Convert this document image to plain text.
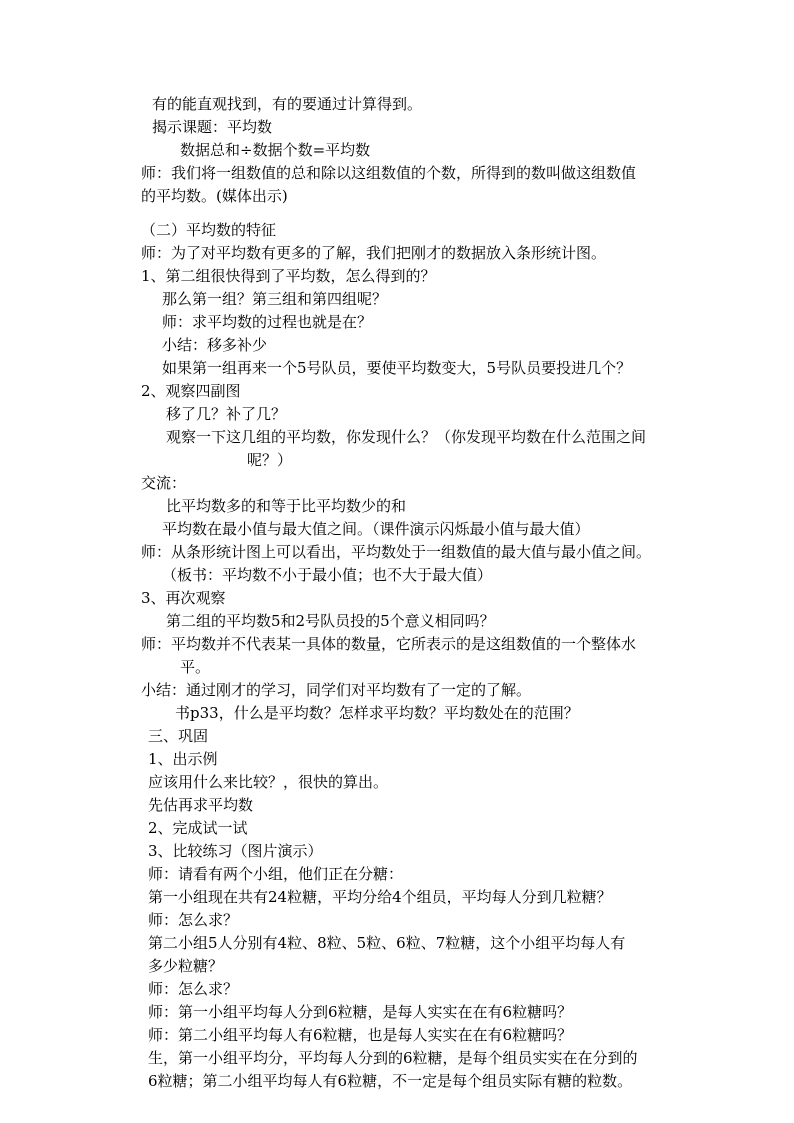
有的能直观找到，有的要通过计算得到。
揭示课题：平均数
数据总和÷数据个数=平均数
师：我们将一组数值的总和除以这组数值的个数，所得到的数叫做这组数值
的平均数。(媒体出示)
（二）平均数的特征
师：为了对平均数有更多的了解，我们把刚才的数据放入条形统计图。
1、第二组很快得到了平均数，怎么得到的？
那么第一组？第三组和第四组呢？
师：求平均数的过程也就是在？
小结：移多补少
如果第一组再来一个5号队员，要使平均数变大，5号队员要投进几个？
2、观察四副图
移了几？补了几？
观察一下这几组的平均数，你发现什么？（你发现平均数在什么范围之间
呢？）
交流：
比平均数多的和等于比平均数少的和
平均数在最小值与最大值之间。（课件演示闪烁最小值与最大值）
师：从条形统计图上可以看出，平均数处于一组数值的最大值与最小值之间。
（板书：平均数不小于最小值；也不大于最大值）
3、再次观察
第二组的平均数5和2号队员投的5个意义相同吗？
师：平均数并不代表某一具体的数量，它所表示的是这组数值的一个整体水
平。
小结：通过刚才的学习，同学们对平均数有了一定的了解。
书p33，什么是平均数？怎样求平均数？平均数处在的范围？
三、巩固
1、出示例
应该用什么来比较？，很快的算出。
先估再求平均数
2、完成试一试
3、比较练习（图片演示）
师：请看有两个小组，他们正在分糖：
第一小组现在共有24粒糖，平均分给4个组员，平均每人分到几粒糖？
师：怎么求？
第二小组5人分别有4粒、8粒、5粒、6粒、7粒糖，这个小组平均每人有
多少粒糖？
师：怎么求？
师：第一小组平均每人分到6粒糖，是每人实实在在有6粒糖吗？
师：第二小组平均每人有6粒糖，也是每人实实在在有6粒糖吗？
生，第一小组平均分，平均每人分到的6粒糖，是每个组员实实在在分到的
6粒糖；第二小组平均每人有6粒糖，不一定是每个组员实际有糖的粒数。
